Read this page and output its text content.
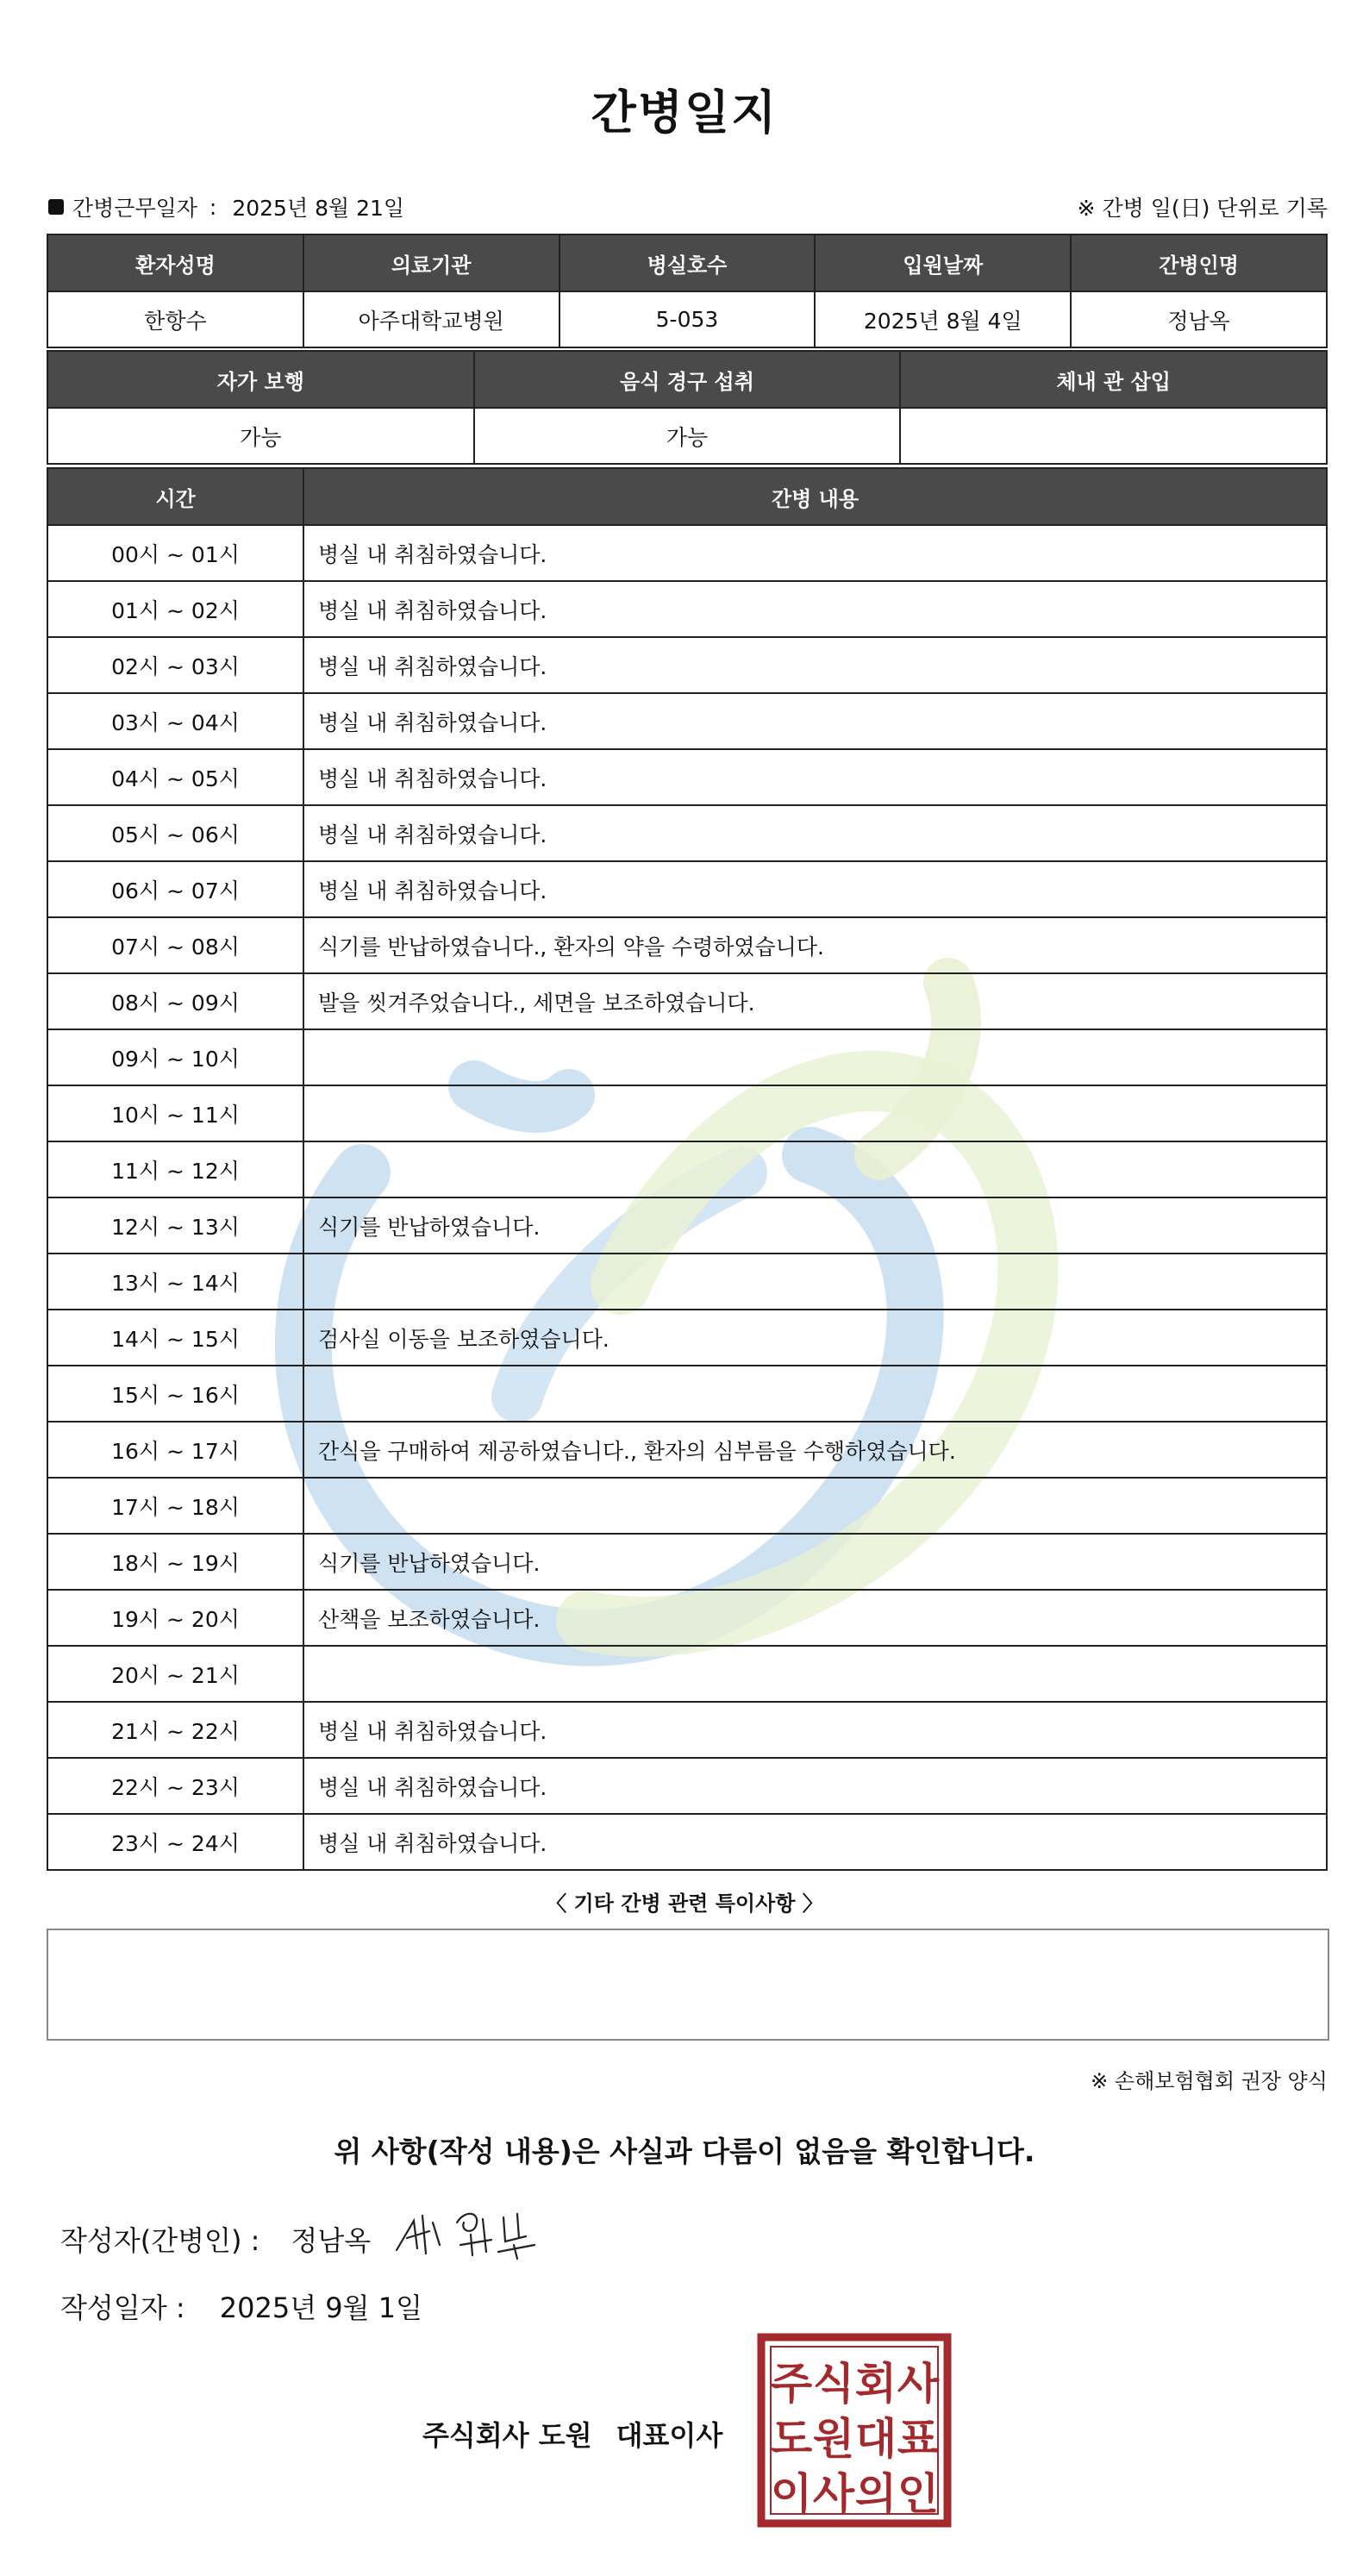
간병일지
간병근무일자 : 2025년 8월 21일	※ 간병 일(日) 단위로 기록
환자성명	의료기관	병실호수	입원날짜	간병인명
한항수	아주대학교병원	5-053	2025년 8월 4일	정남옥
자가 보행	음식 경구 섭취	체내 관 삽입
가능	가능	
시간	간병 내용
00시 ~ 01시	병실 내 취침하였습니다.
01시 ~ 02시	병실 내 취침하였습니다.
02시 ~ 03시	병실 내 취침하였습니다.
03시 ~ 04시	병실 내 취침하였습니다.
04시 ~ 05시	병실 내 취침하였습니다.
05시 ~ 06시	병실 내 취침하였습니다.
06시 ~ 07시	병실 내 취침하였습니다.
07시 ~ 08시	식기를 반납하였습니다., 환자의 약을 수령하였습니다.
08시 ~ 09시	발을 씻겨주었습니다., 세면을 보조하였습니다.
09시 ~ 10시	
10시 ~ 11시	
11시 ~ 12시	
12시 ~ 13시	식기를 반납하였습니다.
13시 ~ 14시	
14시 ~ 15시	검사실 이동을 보조하였습니다.
15시 ~ 16시	
16시 ~ 17시	간식을 구매하여 제공하였습니다., 환자의 심부름을 수행하였습니다.
17시 ~ 18시	
18시 ~ 19시	식기를 반납하였습니다.
19시 ~ 20시	산책을 보조하였습니다.
20시 ~ 21시	
21시 ~ 22시	병실 내 취침하였습니다.
22시 ~ 23시	병실 내 취침하였습니다.
23시 ~ 24시	병실 내 취침하였습니다.
〈 기타 간병 관련 특이사항 〉
※ 손해보험협회 권장 양식
위 사항(작성 내용)은 사실과 다름이 없음을 확인합니다.
작성자(간병인) : 정남옥
작성일자 : 2025년 9월 1일
주식회사 도원 대표이사
주 식 회 사
도 원 대 표
이 사 의 인
